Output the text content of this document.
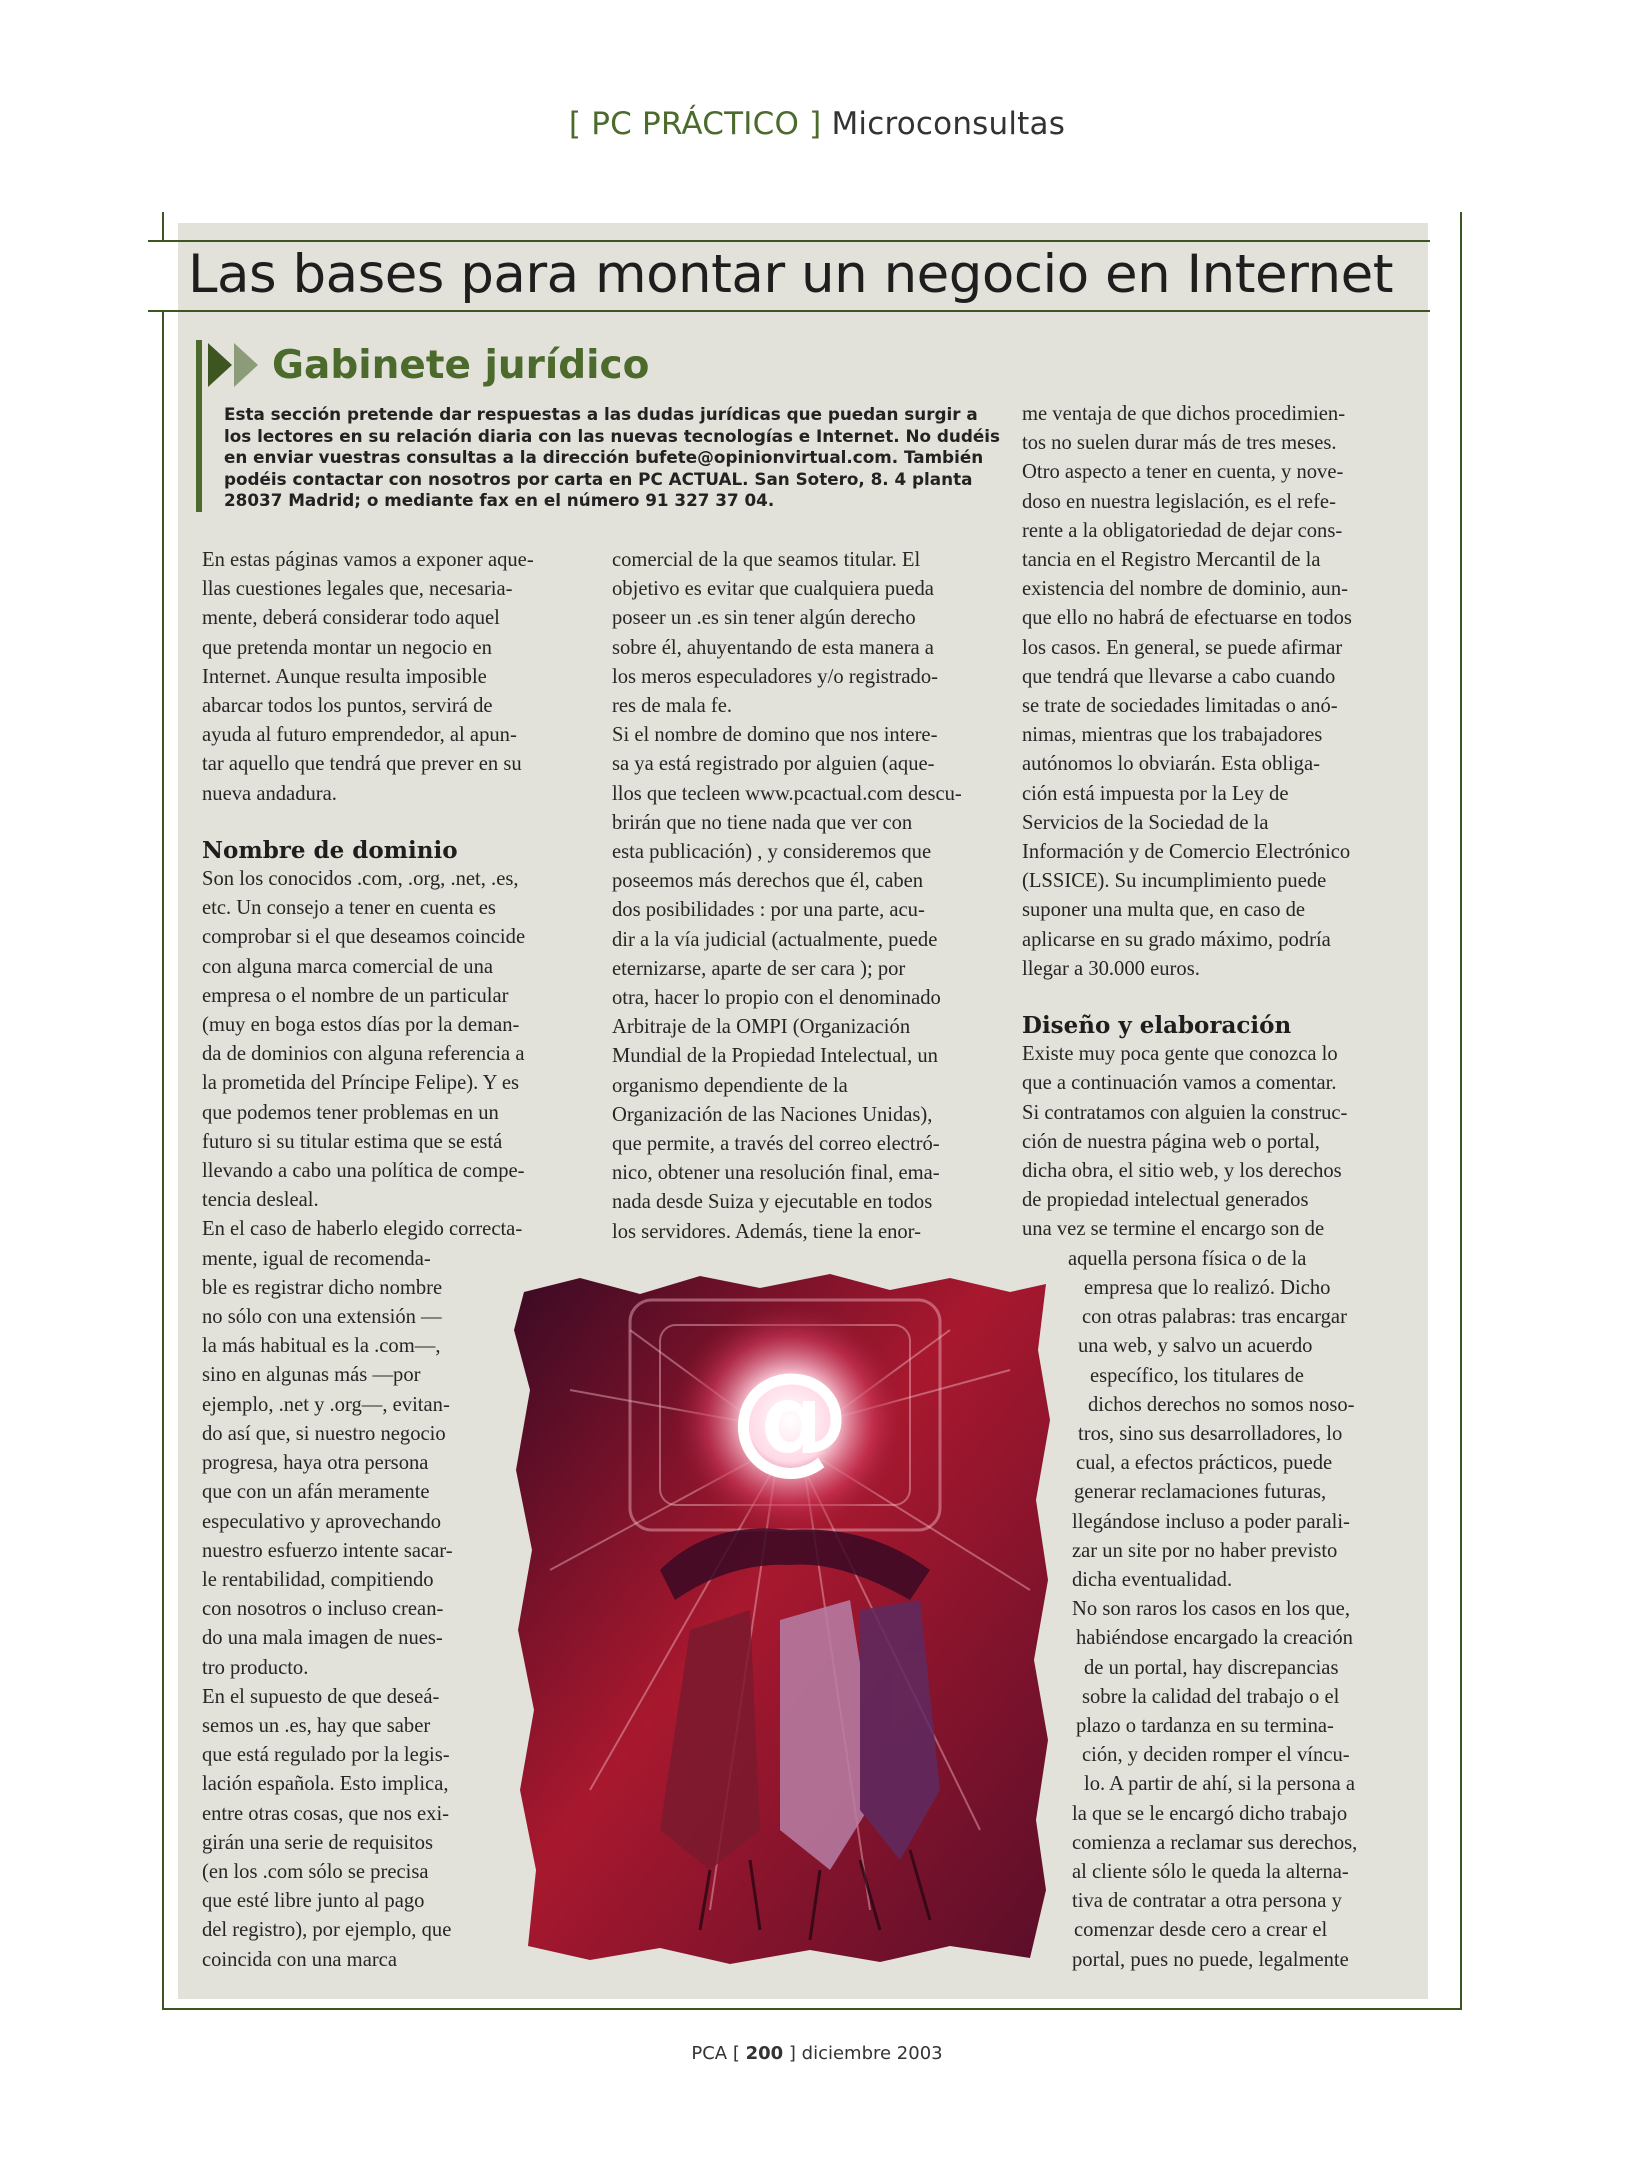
[ PC PRÁCTICO ] Microconsultas
Las bases para montar un negocio en Internet
Gabinete jurídico
Esta sección pretende dar respuestas a las dudas jurídicas que puedan surgir a
los lectores en su relación diaria con las nuevas tecnologías e Internet. No dudéis
en enviar vuestras consultas a la dirección bufete@opinionvirtual.com. También
podéis contactar con nosotros por carta en PC ACTUAL. San Sotero, 8. 4 planta
28037 Madrid; o mediante fax en el número 91 327 37 04.
En estas páginas vamos a exponer aque-
llas cuestiones legales que, necesaria-
mente, deberá considerar todo aquel
que pretenda montar un negocio en
Internet. Aunque resulta imposible
abarcar todos los puntos, servirá de
ayuda al futuro emprendedor, al apun-
tar aquello que tendrá que prever en su
nueva andadura.
Nombre de dominio
Son los conocidos .com, .org, .net, .es,
etc. Un consejo a tener en cuenta es
comprobar si el que deseamos coincide
con alguna marca comercial de una
empresa o el nombre de un particular
(muy en boga estos días por la deman-
da de dominios con alguna referencia a
la prometida del Príncipe Felipe). Y es
que podemos tener problemas en un
futuro si su titular estima que se está
llevando a cabo una política de compe-
tencia desleal.
En el caso de haberlo elegido correcta-
mente, igual de recomenda-
ble es registrar dicho nombre
no sólo con una extensión —
la más habitual es la .com—,
sino en algunas más —por
ejemplo, .net y .org—, evitan-
do así que, si nuestro negocio
progresa, haya otra persona
que con un afán meramente
especulativo y aprovechando
nuestro esfuerzo intente sacar-
le rentabilidad, compitiendo
con nosotros o incluso crean-
do una mala imagen de nues-
tro producto.
En el supuesto de que deseá-
semos un .es, hay que saber
que está regulado por la legis-
lación española. Esto implica,
entre otras cosas, que nos exi-
girán una serie de requisitos
(en los .com sólo se precisa
que esté libre junto al pago
del registro), por ejemplo, que
coincida con una marca
comercial de la que seamos titular. El
objetivo es evitar que cualquiera pueda
poseer un .es sin tener algún derecho
sobre él, ahuyentando de esta manera a
los meros especuladores y/o registrado-
res de mala fe.
Si el nombre de domino que nos intere-
sa ya está registrado por alguien (aque-
llos que tecleen www.pcactual.com descu-
brirán que no tiene nada que ver con
esta publicación) , y consideremos que
poseemos más derechos que él, caben
dos posibilidades : por una parte, acu-
dir a la vía judicial (actualmente, puede
eternizarse, aparte de ser cara ); por
otra, hacer lo propio con el denominado
Arbitraje de la OMPI (Organización
Mundial de la Propiedad Intelectual, un
organismo dependiente de la
Organización de las Naciones Unidas),
que permite, a través del correo electró-
nico, obtener una resolución final, ema-
nada desde Suiza y ejecutable en todos
los servidores. Además, tiene la enor-
me ventaja de que dichos procedimien-
tos no suelen durar más de tres meses.
Otro aspecto a tener en cuenta, y nove-
doso en nuestra legislación, es el refe-
rente a la obligatoriedad de dejar cons-
tancia en el Registro Mercantil de la
existencia del nombre de dominio, aun-
que ello no habrá de efectuarse en todos
los casos. En general, se puede afirmar
que tendrá que llevarse a cabo cuando
se trate de sociedades limitadas o anó-
nimas, mientras que los trabajadores
autónomos lo obviarán. Esta obliga-
ción está impuesta por la Ley de
Servicios de la Sociedad de la
Información y de Comercio Electrónico
(LSSICE). Su incumplimiento puede
suponer una multa que, en caso de
aplicarse en su grado máximo, podría
llegar a 30.000 euros.
Diseño y elaboración
Existe muy poca gente que conozca lo
que a continuación vamos a comentar.
Si contratamos con alguien la construc-
ción de nuestra página web o portal,
dicha obra, el sitio web, y los derechos
de propiedad intelectual generados
una vez se termine el encargo son de
aquella persona física o de la
empresa que lo realizó. Dicho
con otras palabras: tras encargar
una web, y salvo un acuerdo
específico, los titulares de
dichos derechos no somos noso-
tros, sino sus desarrolladores, lo
cual, a efectos prácticos, puede
generar reclamaciones futuras,
llegándose incluso a poder parali-
zar un site por no haber previsto
dicha eventualidad.
No son raros los casos en los que,
habiéndose encargado la creación
de un portal, hay discrepancias
sobre la calidad del trabajo o el
plazo o tardanza en su termina-
ción, y deciden romper el víncu-
lo. A partir de ahí, si la persona a
la que se le encargó dicho trabajo
comienza a reclamar sus derechos,
al cliente sólo le queda la alterna-
tiva de contratar a otra persona y
comenzar desde cero a crear el
portal, pues no puede, legalmente
@
PCA [ 200 ] diciembre 2003
